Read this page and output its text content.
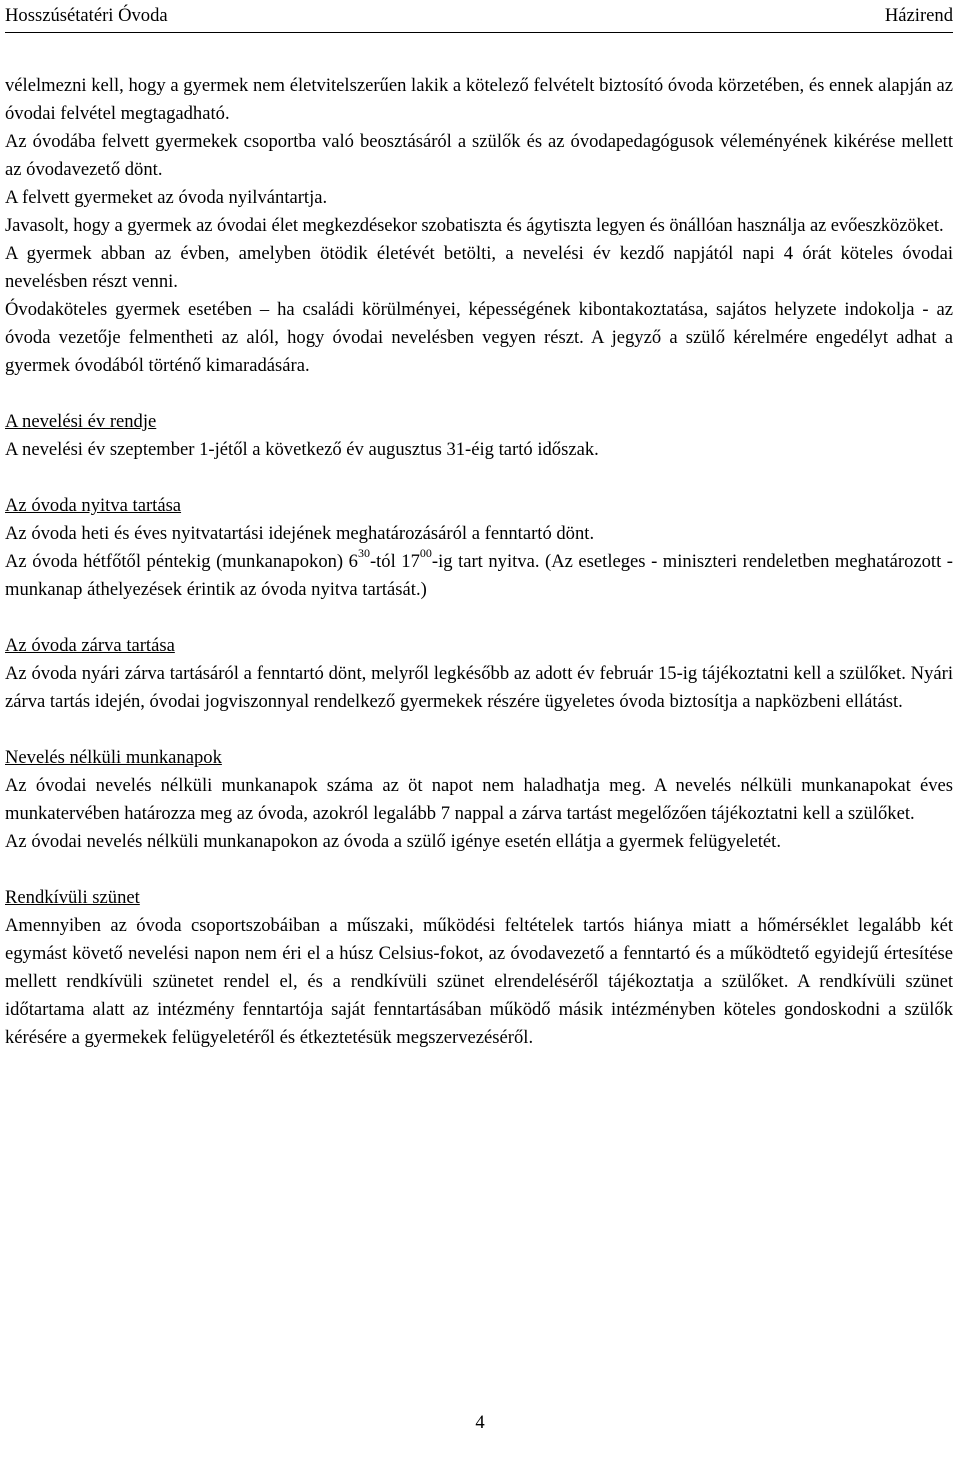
Hosszúsétatéri Óvoda	Házirend

vélelmezni kell, hogy a gyermek nem életvitelszerűen lakik a kötelező felvételt biztosító óvoda körzetében, és ennek alapján az óvodai felvétel megtagadható.

Az óvodába felvett gyermekek csoportba való beosztásáról a szülők és az óvodapedagógusok véleményének kikérése mellett az óvodavezető dönt.

A felvett gyermeket az óvoda nyilvántartja.

Javasolt, hogy a gyermek az óvodai élet megkezdésekor szobatiszta és ágytiszta legyen és önállóan használja az evőeszközöket.

A gyermek abban az évben, amelyben ötödik életévét betölti, a nevelési év kezdő napjától napi 4 órát köteles óvodai nevelésben részt venni.

Óvodaköteles gyermek esetében – ha családi körülményei, képességének kibontakoztatása, sajátos helyzete indokolja - az óvoda vezetője felmentheti az alól, hogy óvodai nevelésben vegyen részt. A jegyző a szülő kérelmére engedélyt adhat a gyermek óvodából történő kimaradására.

A nevelési év rendje

A nevelési év szeptember 1-jétől a következő év augusztus 31-éig tartó időszak.

Az óvoda nyitva tartása

Az óvoda heti és éves nyitvatartási idejének meghatározásáról a fenntartó dönt.

Az óvoda hétfőtől péntekig (munkanapokon) $6^{30}$-tól $17^{00}-ig$ tart nyitva. (Az esetleges - miniszteri rendeletben meghatározott - munkanap áthelyezések érintik az óvoda nyitva tartását.)

Az óvoda zárva tartása

Az óvoda nyári zárva tartásáról a fenntartó dönt, melyről legkésőbb az adott év február 15-ig tájékoztatni kell a szülőket. Nyári zárva tartás idején, óvodai jogviszonnyal rendelkező gyermekek részére ügyeletes óvoda biztosítja a napközbeni ellátást.

Nevelés nélküli munkanapok

Az óvodai nevelés nélküli munkanapok száma az öt napot nem haladhatja meg. A nevelés nélküli munkanapokat éves munkatervében határozza meg az óvoda, azokról legalább 7 nappal a zárva tartást megelőzően tájékoztatni kell a szülőket.

Az óvodai nevelés nélküli munkanapokon az óvoda a szülő igénye esetén ellátja a gyermek felügyeletét.

Rendkívüli szünet

Amennyiben az óvoda csoportszobáiban a műszaki, működési feltételek tartós hiánya miatt a hőmérséklet legalább két egymást követő nevelési napon nem éri el a húsz Celsius-fokot, az óvodavezető a fenntartó és a működtető egyidejű értesítése mellett rendkívüli szünetet rendel el, és a rendkívüli szünet elrendeléséről tájékoztatja a szülőket. A rendkívüli szünet időtartama alatt az intézmény fenntartója saját fenntartásában működő másik intézményben köteles gondoskodni a szülők kérésére a gyermekek felügyeletéről és étkeztetésük megszervezéséről.

4
